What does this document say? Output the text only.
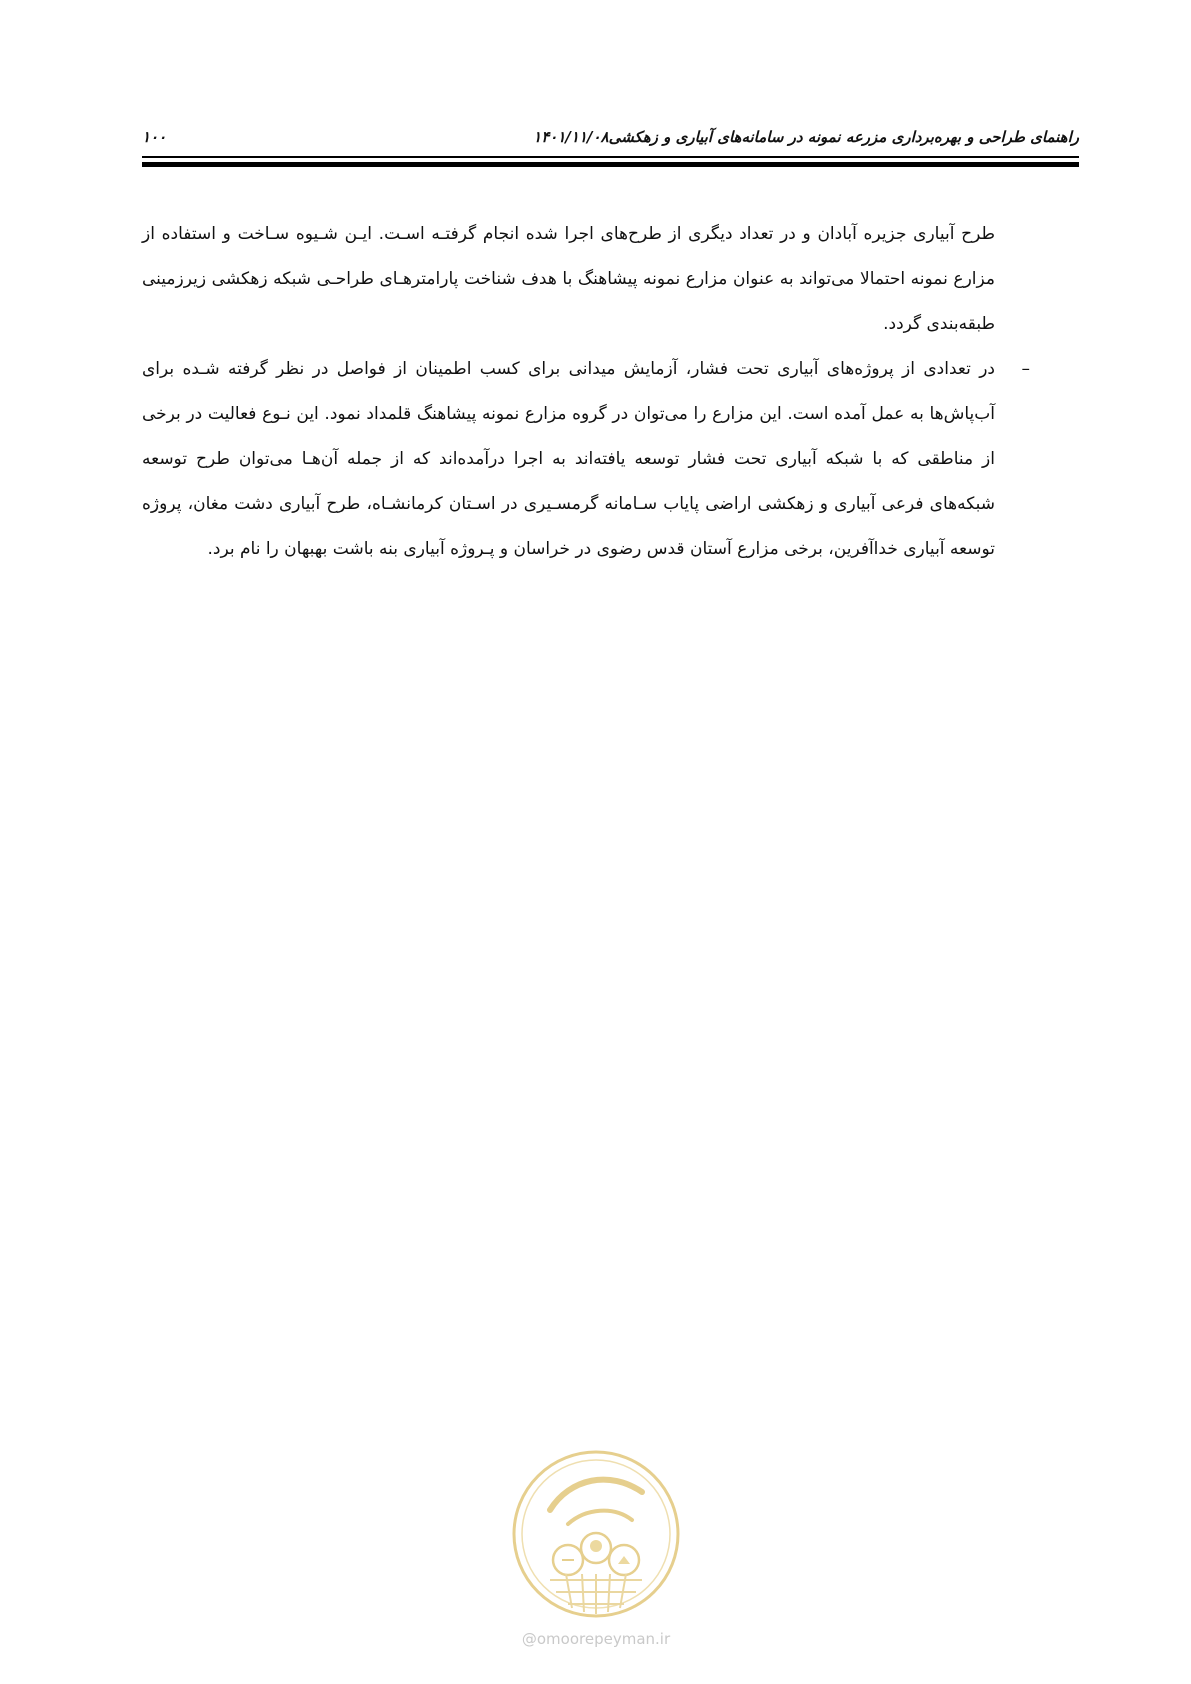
۱۰۰	راهنمای طراحی و بهره‌برداری مزرعه نمونه در سامانه‌های آبیاری و زهکشی۱۴۰۱/۱۱/۰۸

طرح آبیاری جزیره آبادان و در تعداد دیگری از طرح‌های اجرا شده انجام گرفتـه اسـت. ایـن شـیوه سـاخت و استفاده از مزارع نمونه احتمالا می‌تواند به عنوان مزارع نمونه پیشاهنگ با هدف شناخت پارامترهـای طراحـی شبکه زهکشی زیرزمینی طبقه‌بندی گردد.

–
در تعدادی از پروژه‌های آبیاری تحت فشار، آزمایش میدانی برای کسب اطمینان از فواصل در نظر گرفته شـده برای آب‌پاش‌ها به عمل آمده است. این مزارع را می‌توان در گروه مزارع نمونه پیشاهنگ قلمداد نمود. این نـوع فعالیت در برخی از مناطقی که با شبکه آبیاری تحت فشار توسعه یافته‌اند به اجرا درآمده‌اند که از جمله آن‌هـا می‌توان طرح توسعه شبکه‌های فرعی آبیاری و زهکشی اراضی پایاب سـامانه گرمسـیری در اسـتان کرمانشـاه، طرح آبیاری دشت مغان، پروژه توسعه آبیاری خداآفرین، برخی مزارع آستان قدس رضوی در خراسان و پـروژه آبیاری بنه باشت بهبهان را نام برد.

@omoorepeyman.ir
